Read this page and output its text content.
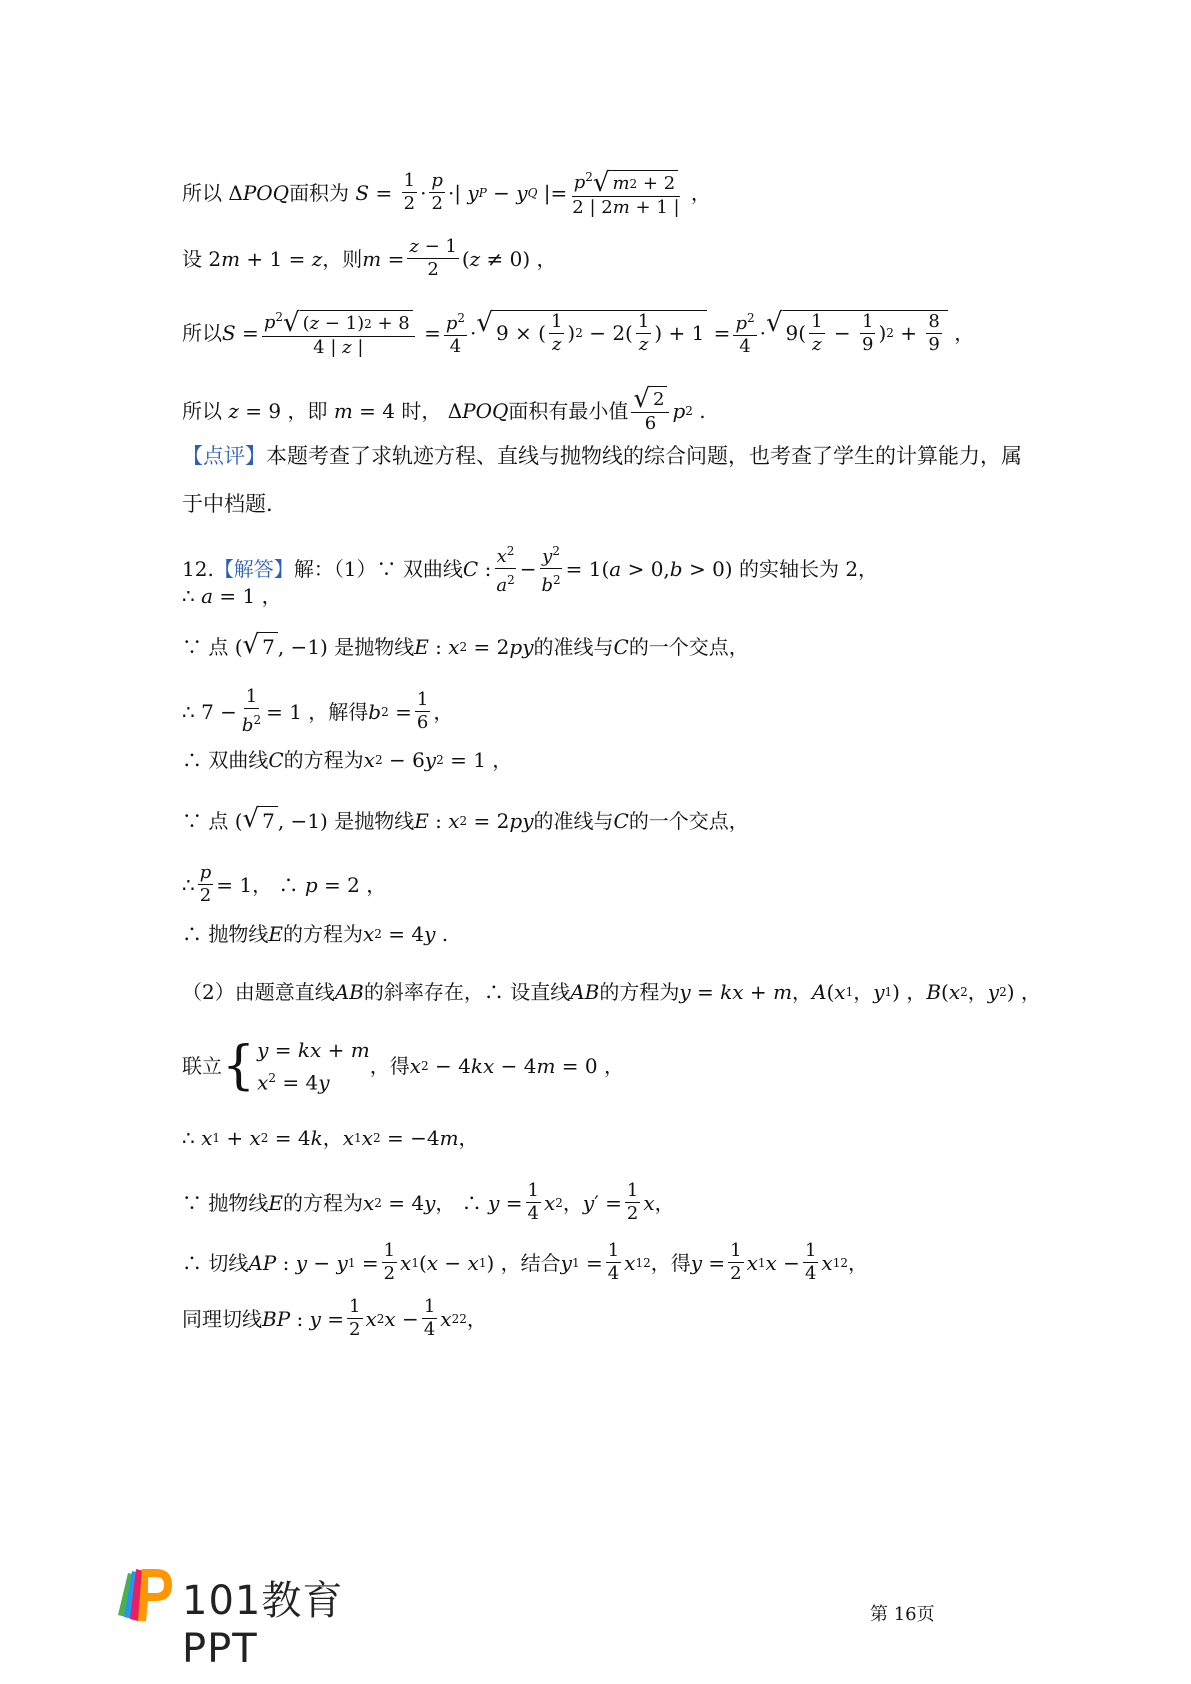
所以 Δ POQ 面积为 $S = \frac{1}{2} \cdot \frac{p}{2}$ ·| y P − y Q |= $\frac{p^2 √ m 2 + 2}{2 | 2m + 1 |}$ ，
设 2 m + 1 = z ，则 $m = \frac{z - 1}{2}$ ( z ≠ 0) ，
所以 $S = \frac{p^2 √ ( z - 1) 2 + 8}{4 | z |} = \frac{p^2}{4}$ · √ 9 × ( $\frac{1}{z}$ ) $2 - 2( \frac{1}{z}$ ) + $1 = \frac{p^2}{4}$ · √ $9( \frac{1}{z} - \frac{1}{9}$ ) $2 + \frac{8}{9}$ ，
所以 z = 9 ，即 m = 4 时， Δ POQ 面积有最小值 $\frac{√ 2}{6}$ p 2 .
【点评】 本题考查了求轨迹方程、直线与抛物线的综合问题，也考查了学生的计算能力，属
于中档题.
12. 【解答】 解：（1） ∵ 双曲线 C : $\frac{x^2}{a^2} - \frac{y^2}{b^2} = 1$( a > 0, b > 0) 的实轴长为 2，
∴ a = 1 ，
∵ 点 ( √ 7 , −1) 是抛物线 E : x 2 = 2 py 的准线与 C 的一个交点，
∴ $7 - \frac{1}{b^2} = 1$ ，解得 b $2 = \frac{1}{6}$ ，
∴ 双曲线 C 的方程为 x 2 − 6 y 2 = 1 ，
∵ 点 ( √ 7 , −1) 是抛物线 E : x 2 = 2 py 的准线与 C 的一个交点，
∴ $\frac{p}{2} = 1$， ∴ p = 2 ，
∴ 抛物线 E 的方程为 x 2 = 4 y .
（2）由题意直线 AB 的斜率存在，∴ 设直线 AB 的方程为 y = kx + m ， A ( x 1 ， y 1 ) ， B ( x 2 ， y 2 ) ，
联立 { y = kx + m
$x^2 = 4y$
，得 x 2 − 4 kx − 4 m = 0 ，
∴ x 1 + x 2 = 4 k ， x 1 x 2 = −4 m ，
∵ 抛物线 E 的方程为 x 2 = 4 y ， ∴ $y = \frac{1}{4}$ x 2 ， y ′ = $\frac{1}{2}$ x ，
∴ 切线 AP : y − y $1 = \frac{1}{2}$ x 1 ( x − x 1 ) ，结合 y $1 = \frac{1}{4}$ x 1 2 ，得 $y = \frac{1}{2}$ x 1 $x - \frac{1}{4}$ x 1 2 ，
同理切线 BP : $y = \frac{1}{2}$ x 2 $x - \frac{1}{4}$ x 2 2 ，
101教育PPT
第 16页
